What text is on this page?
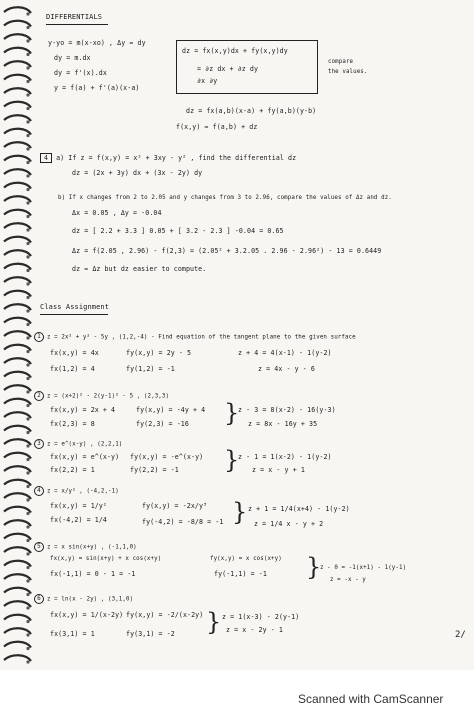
DIFFERENTIALS
y-yo = m(x-xo) , Δy ≈ dy
dy = m.dx
dy = f'(x).dx
y = f(a) + f'(a)(x-a)
dz = fx(x,y)dx + fy(x,y)dy
= ∂z dx + ∂z dy
∂x ∂y
compare
the values.
dz = fx(a,b)(x-a) + fy(a,b)(y-b)
f(x,y) ≈ f(a,b) + dz
4 a) If z = f(x,y) = x² + 3xy - y² , find the differential dz
dz = (2x + 3y) dx + (3x - 2y) dy
b) If x changes from 2 to 2.05 and y changes from 3 to 2.96, compare the values of Δz and dz.
Δx = 0.05 , Δy = -0.04
dz = [ 2.2 + 3.3 ] 0.05 + [ 3.2 - 2.3 ] -0.04 = 0.65
Δz = f(2.05 , 2.96) - f(2,3) = (2.05² + 3.2.05 . 2.96 - 2.96²) - 13 = 0.6449
dz ≈ Δz but dz easier to compute.
Class Assignment
1 z = 2x² + y² - 5y , (1,2,-4) - Find equation of the tangent plane to the given surface
fx(x,y) = 4x
fx(1,2) = 4
fy(x,y) = 2y - 5
fy(1,2) = -1
z + 4 = 4(x-1) - 1(y-2)
z = 4x - y - 6
2 z = (x+2)² - 2(y-1)² - 5 , (2,3,3)
fx(x,y) = 2x + 4
fx(2,3) = 8
fy(x,y) = -4y + 4
fy(2,3) = -16 }
z - 3 = 8(x-2) - 16(y-3)
z = 8x - 16y + 35
3 z = e^(x-y) , (2,2,1)
fx(x,y) = e^(x-y)
fx(2,2) = 1
fy(x,y) = -e^(x-y)
fy(2,2) = -1 }
z - 1 = 1(x-2) - 1(y-2)
z = x - y + 1
4 z = x/y² , (-4,2,-1)
fx(x,y) = 1/y²
fx(-4,2) = 1/4
fy(x,y) = -2x/y³
fy(-4,2) = -8/8 = -1 } z + 1 = 1/4(x+4) - 1(y-2)
z = 1/4 x - y + 2
5 z = x sin(x+y) , (-1,1,0)
fx(x,y) = sin(x+y) + x cos(x+y)
fx(-1,1) = 0 - 1 = -1
fy(x,y) = x cos(x+y)
fy(-1,1) = -1 }
z - 0 = -1(x+1) - 1(y-1)
z = -x - y
6 z = ln(x - 2y) , (3,1,0)
fx(x,y) = 1/(x-2y)
fx(3,1) = 1
fy(x,y) = -2/(x-2y)
fy(3,1) = -2 } z = 1(x-3) - 2(y-1)
z = x - 2y - 1	2/
Scanned with CamScanner
